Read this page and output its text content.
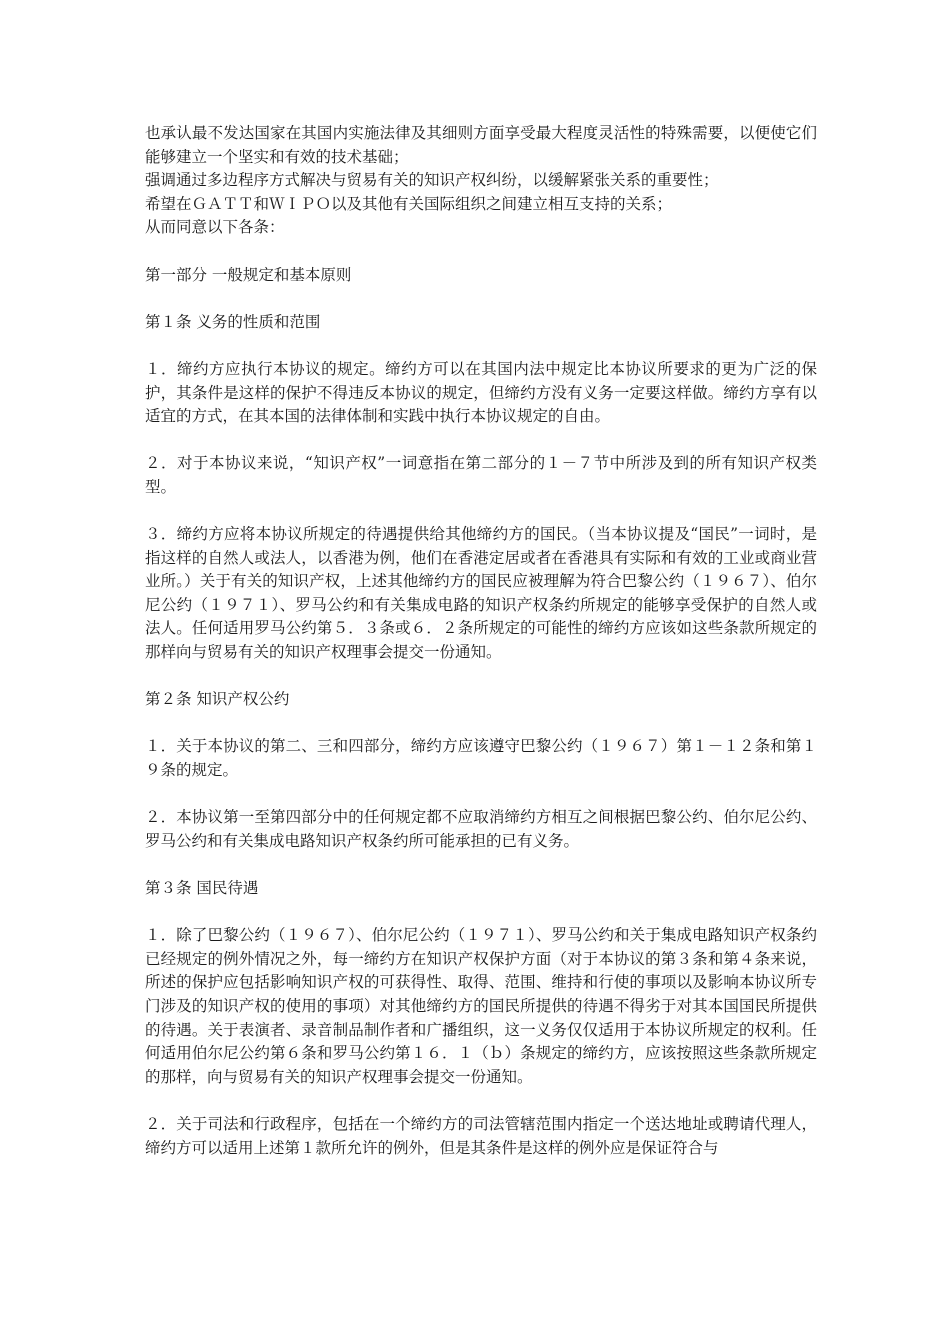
也承认最不发达国家在其国内实施法律及其细则方面享受最大程度灵活性的特殊需要，以便使它们能够建立一个坚实和有效的技术基础；

强调通过多边程序方式解决与贸易有关的知识产权纠纷，以缓解紧张关系的重要性；

希望在ＧＡＴＴ和ＷＩＰＯ以及其他有关国际组织之间建立相互支持的关系；

从而同意以下各条：

第一部分 一般规定和基本原则

第１条 义务的性质和范围

１．缔约方应执行本协议的规定。缔约方可以在其国内法中规定比本协议所要求的更为广泛的保护，其条件是这样的保护不得违反本协议的规定，但缔约方没有义务一定要这样做。缔约方享有以适宜的方式，在其本国的法律体制和实践中执行本协议规定的自由。

２．对于本协议来说，“知识产权”一词意指在第二部分的１－７节中所涉及到的所有知识产权类型。

３．缔约方应将本协议所规定的待遇提供给其他缔约方的国民。（当本协议提及“国民”一词时，是指这样的自然人或法人，以香港为例，他们在香港定居或者在香港具有实际和有效的工业或商业营业所。）关于有关的知识产权，上述其他缔约方的国民应被理解为符合巴黎公约（１９６７）、伯尔尼公约（１９７１）、罗马公约和有关集成电路的知识产权条约所规定的能够享受保护的自然人或法人。任何适用罗马公约第５．３条或６．２条所规定的可能性的缔约方应该如这些条款所规定的那样向与贸易有关的知识产权理事会提交一份通知。

第２条 知识产权公约

１．关于本协议的第二、三和四部分，缔约方应该遵守巴黎公约（１９６７）第１－１２条和第１９条的规定。

２．本协议第一至第四部分中的任何规定都不应取消缔约方相互之间根据巴黎公约、伯尔尼公约、罗马公约和有关集成电路知识产权条约所可能承担的已有义务。

第３条 国民待遇

１．除了巴黎公约（１９６７）、伯尔尼公约（１９７１）、罗马公约和关于集成电路知识产权条约已经规定的例外情况之外，每一缔约方在知识产权保护方面（对于本协议的第３条和第４条来说，所述的保护应包括影响知识产权的可获得性、取得、范围、维持和行使的事项以及影响本协议所专门涉及的知识产权的使用的事项）对其他缔约方的国民所提供的待遇不得劣于对其本国国民所提供的待遇。关于表演者、录音制品制作者和广播组织，这一义务仅仅适用于本协议所规定的权利。任何适用伯尔尼公约第６条和罗马公约第１６．１（ｂ）条规定的缔约方，应该按照这些条款所规定的那样，向与贸易有关的知识产权理事会提交一份通知。

２．关于司法和行政程序，包括在一个缔约方的司法管辖范围内指定一个送达地址或聘请代理人，缔约方可以适用上述第１款所允许的例外，但是其条件是这样的例外应是保证符合与
